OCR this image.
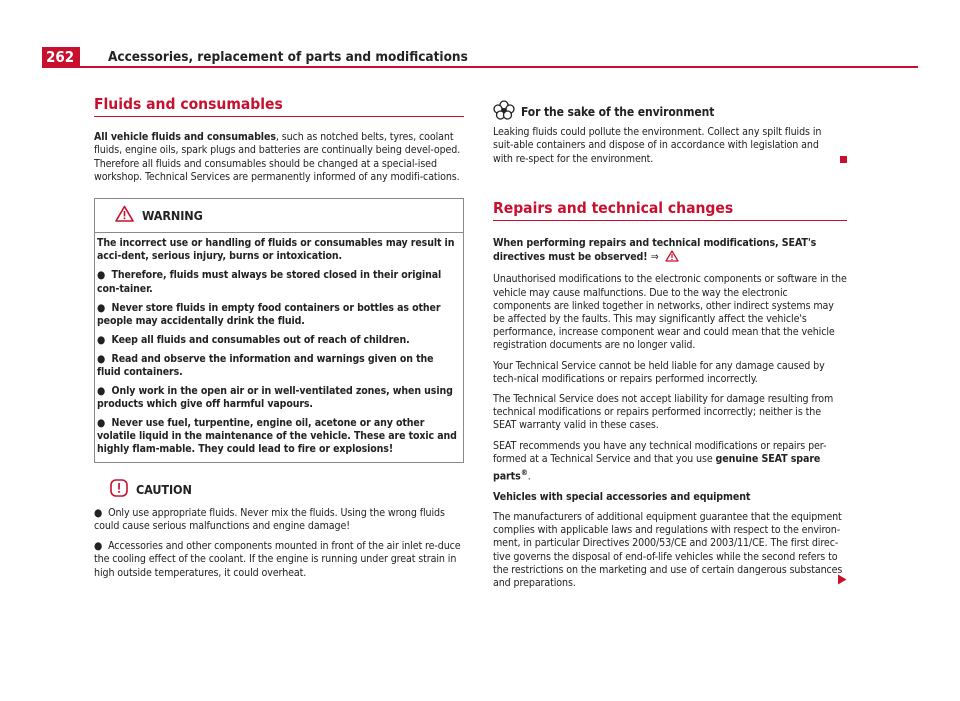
262	Accessories, replacement of parts and modifications
Fluids and consumables

All vehicle fluids and consumables, such as notched belts, tyres, coolant fluids, engine oils, spark plugs and batteries are continually being devel-oped. Therefore all fluids and consumables should be changed at a special-ised workshop. Technical Services are permanently informed of any modifi-cations.

WARNING

The incorrect use or handling of fluids or consumables may result in acci-dent, serious injury, burns or intoxication.

●  Therefore, fluids must always be stored closed in their original con-tainer.

●  Never store fluids in empty food containers or bottles as other people may accidentally drink the fluid.

●  Keep all fluids and consumables out of reach of children.

●  Read and observe the information and warnings given on the fluid containers.

●  Only work in the open air or in well-ventilated zones, when using products which give off harmful vapours.

●  Never use fuel, turpentine, engine oil, acetone or any other volatile liquid in the maintenance of the vehicle. These are toxic and highly flam-mable. They could lead to fire or explosions!

CAUTION

●  Only use appropriate fluids. Never mix the fluids. Using the wrong fluids could cause serious malfunctions and engine damage!

●  Accessories and other components mounted in front of the air inlet re-duce the cooling effect of the coolant. If the engine is running under great strain in high outside temperatures, it could overheat.

For the sake of the environment

Leaking fluids could pollute the environment. Collect any spilt fluids in suit-able containers and dispose of in accordance with legislation and with re-spect for the environment.

Repairs and technical changes

When performing repairs and technical modifications, SEAT's directives must be observed! ⇒

Unauthorised modifications to the electronic components or software in the vehicle may cause malfunctions. Due to the way the electronic components are linked together in networks, other indirect systems may be affected by the faults. This may significantly affect the vehicle's performance, increase component wear and could mean that the vehicle registration documents are no longer valid.

Your Technical Service cannot be held liable for any damage caused by tech-nical modifications or repairs performed incorrectly.

The Technical Service does not accept liability for damage resulting from technical modifications or repairs performed incorrectly; neither is the SEAT warranty valid in these cases.

SEAT recommends you have any technical modifications or repairs per-formed at a Technical Service and that you use genuine SEAT spare parts®.

Vehicles with special accessories and equipment

The manufacturers of additional equipment guarantee that the equipment complies with applicable laws and regulations with respect to the environ-ment, in particular Directives 2000/53/CE and 2003/11/CE. The first direc-tive governs the disposal of end-of-life vehicles while the second refers to the restrictions on the marketing and use of certain dangerous substances and preparations.
